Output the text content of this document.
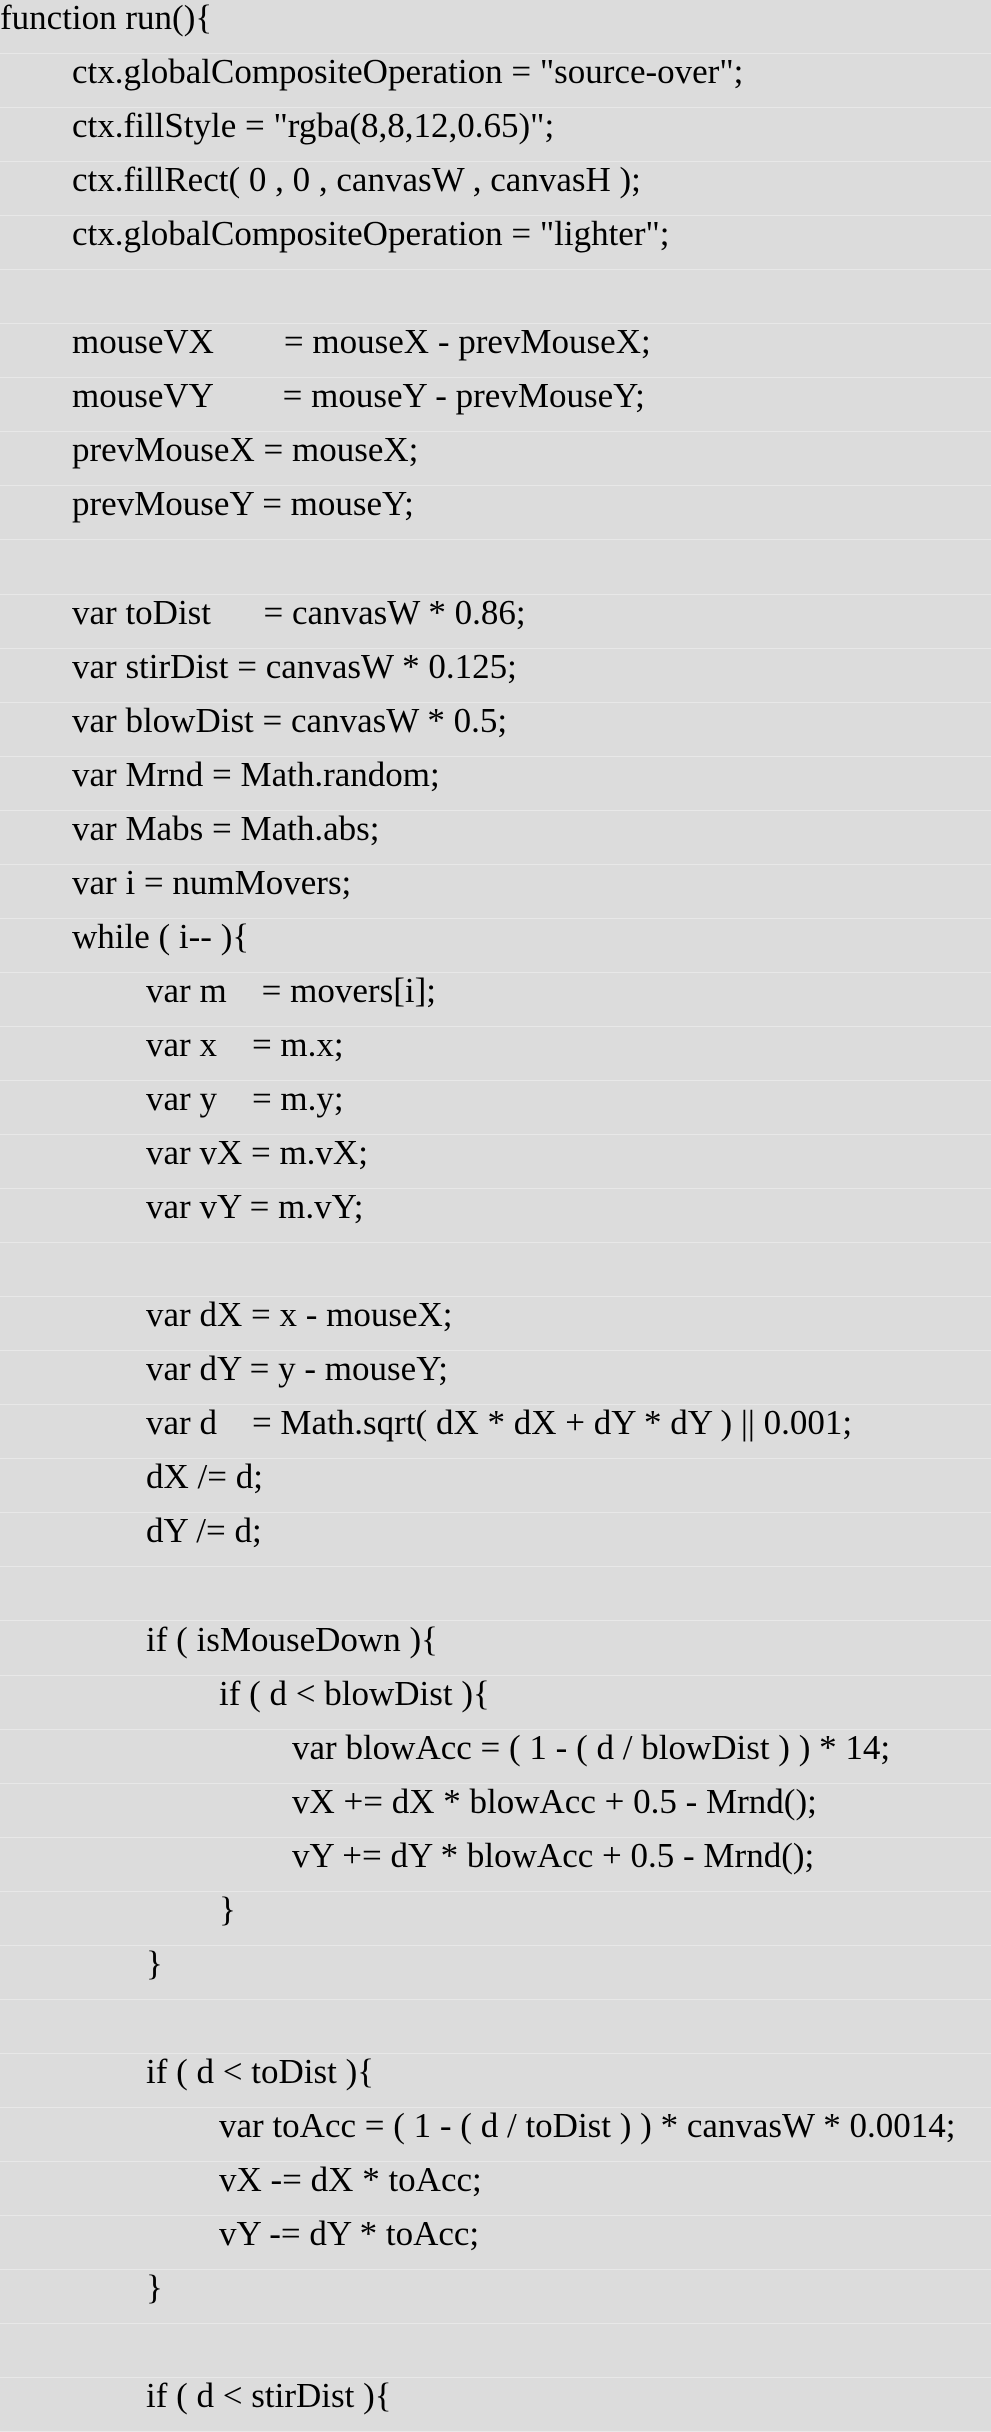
function run(){
ctx.globalCompositeOperation = "source-over";
ctx.fillStyle = "rgba(8,8,12,0.65)";
ctx.fillRect( 0 , 0 , canvasW , canvasH );
ctx.globalCompositeOperation = "lighter";
mouseVX        = mouseX - prevMouseX;
mouseVY        = mouseY - prevMouseY;
prevMouseX = mouseX;
prevMouseY = mouseY;
var toDist      = canvasW * 0.86;
var stirDist = canvasW * 0.125;
var blowDist = canvasW * 0.5;
var Mrnd = Math.random;
var Mabs = Math.abs;
var i = numMovers;
while ( i-- ){
var m    = movers[i];
var x    = m.x;
var y    = m.y;
var vX = m.vX;
var vY = m.vY;
var dX = x - mouseX;
var dY = y - mouseY;
var d    = Math.sqrt( dX * dX + dY * dY ) || 0.001;
dX /= d;
dY /= d;
if ( isMouseDown ){
if ( d < blowDist ){
var blowAcc = ( 1 - ( d / blowDist ) ) * 14;
vX += dX * blowAcc + 0.5 - Mrnd();
vY += dY * blowAcc + 0.5 - Mrnd();
}
}
if ( d < toDist ){
var toAcc = ( 1 - ( d / toDist ) ) * canvasW * 0.0014;
vX -= dX * toAcc;
vY -= dY * toAcc;
}
if ( d < stirDist ){
